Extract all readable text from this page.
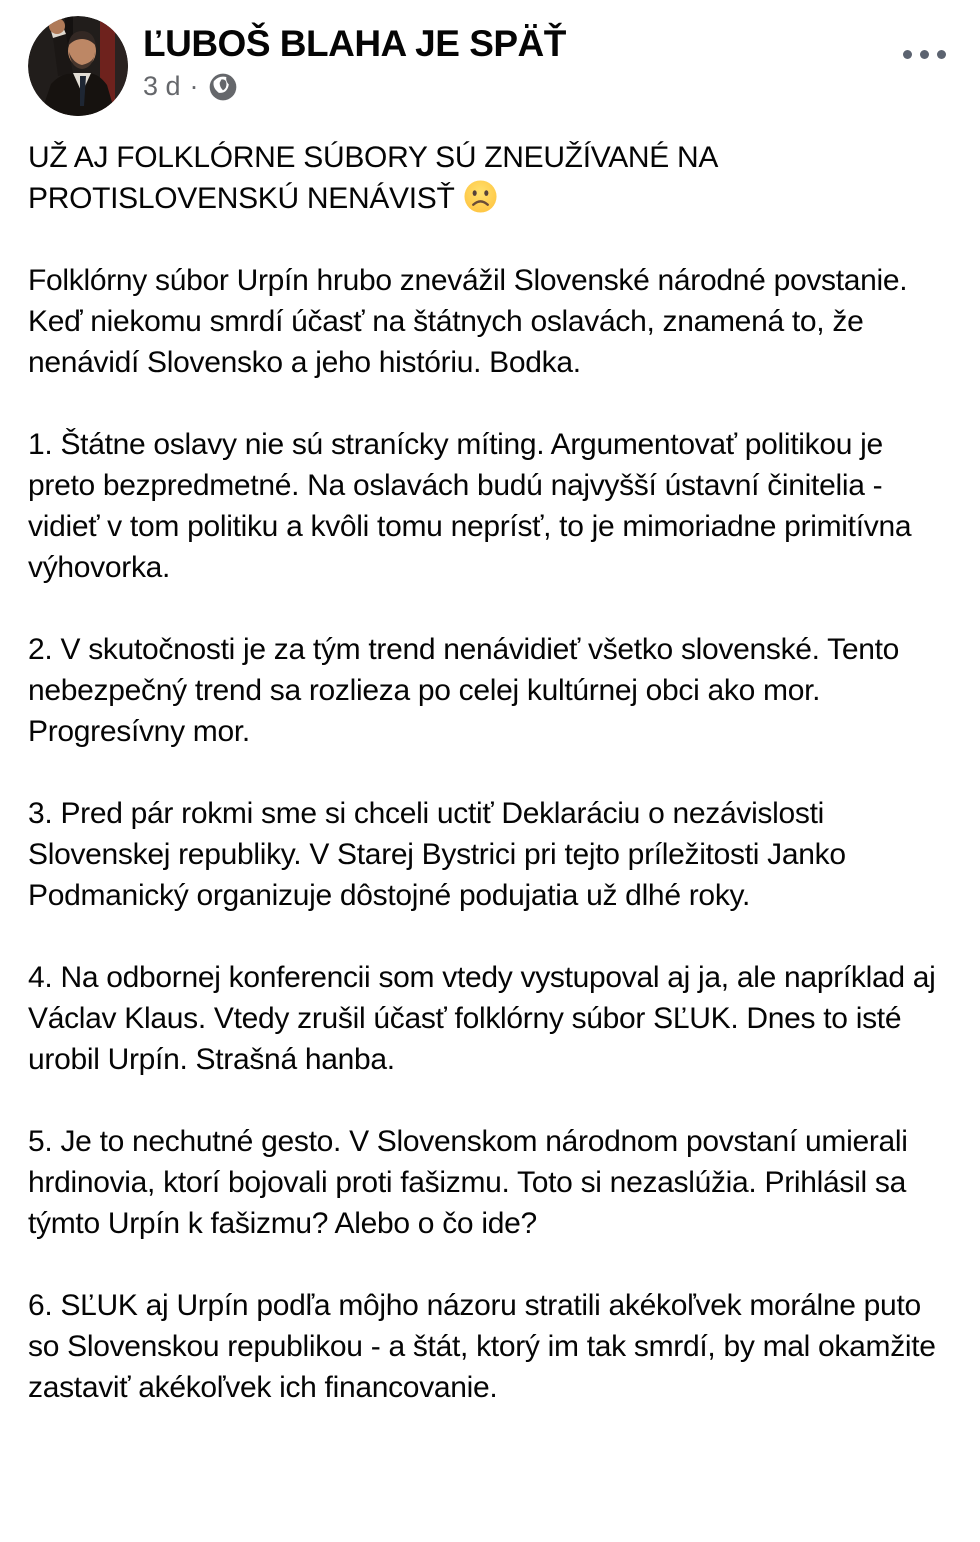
ĽUBOŠ BLAHA JE SPÄŤ
3 d ·

UŽ AJ FOLKLÓRNE SÚBORY SÚ ZNEUŽÍVANÉ NA PROTISLOVENSKÚ NENÁVISŤ

Folklórny súbor Urpín hrubo znevážil Slovenské národné povstanie. Keď niekomu smrdí účasť na štátnych oslavách, znamená to, že nenávidí Slovensko a jeho históriu. Bodka.

1. Štátne oslavy nie sú stranícky míting. Argumentovať politikou je preto bezpredmetné. Na oslavách budú najvyšší ústavní činitelia - vidieť v tom politiku a kvôli tomu neprísť, to je mimoriadne primitívna výhovorka.

2. V skutočnosti je za tým trend nenávidieť všetko slovenské. Tento nebezpečný trend sa rozlieza po celej kultúrnej obci ako mor. Progresívny mor.

3. Pred pár rokmi sme si chceli uctiť Deklaráciu o nezávislosti Slovenskej republiky. V Starej Bystrici pri tejto príležitosti Janko Podmanický organizuje dôstojné podujatia už dlhé roky.

4. Na odbornej konferencii som vtedy vystupoval aj ja, ale napríklad aj Václav Klaus. Vtedy zrušil účasť folklórny súbor SĽUK. Dnes to isté urobil Urpín. Strašná hanba.

5. Je to nechutné gesto. V Slovenskom národnom povstaní umierali hrdinovia, ktorí bojovali proti fašizmu. Toto si nezaslúžia. Prihlásil sa týmto Urpín k fašizmu? Alebo o čo ide?

6. SĽUK aj Urpín podľa môjho názoru stratili akékoľvek morálne puto so Slovenskou republikou - a štát, ktorý im tak smrdí, by mal okamžite zastaviť akékoľvek ich financovanie.
